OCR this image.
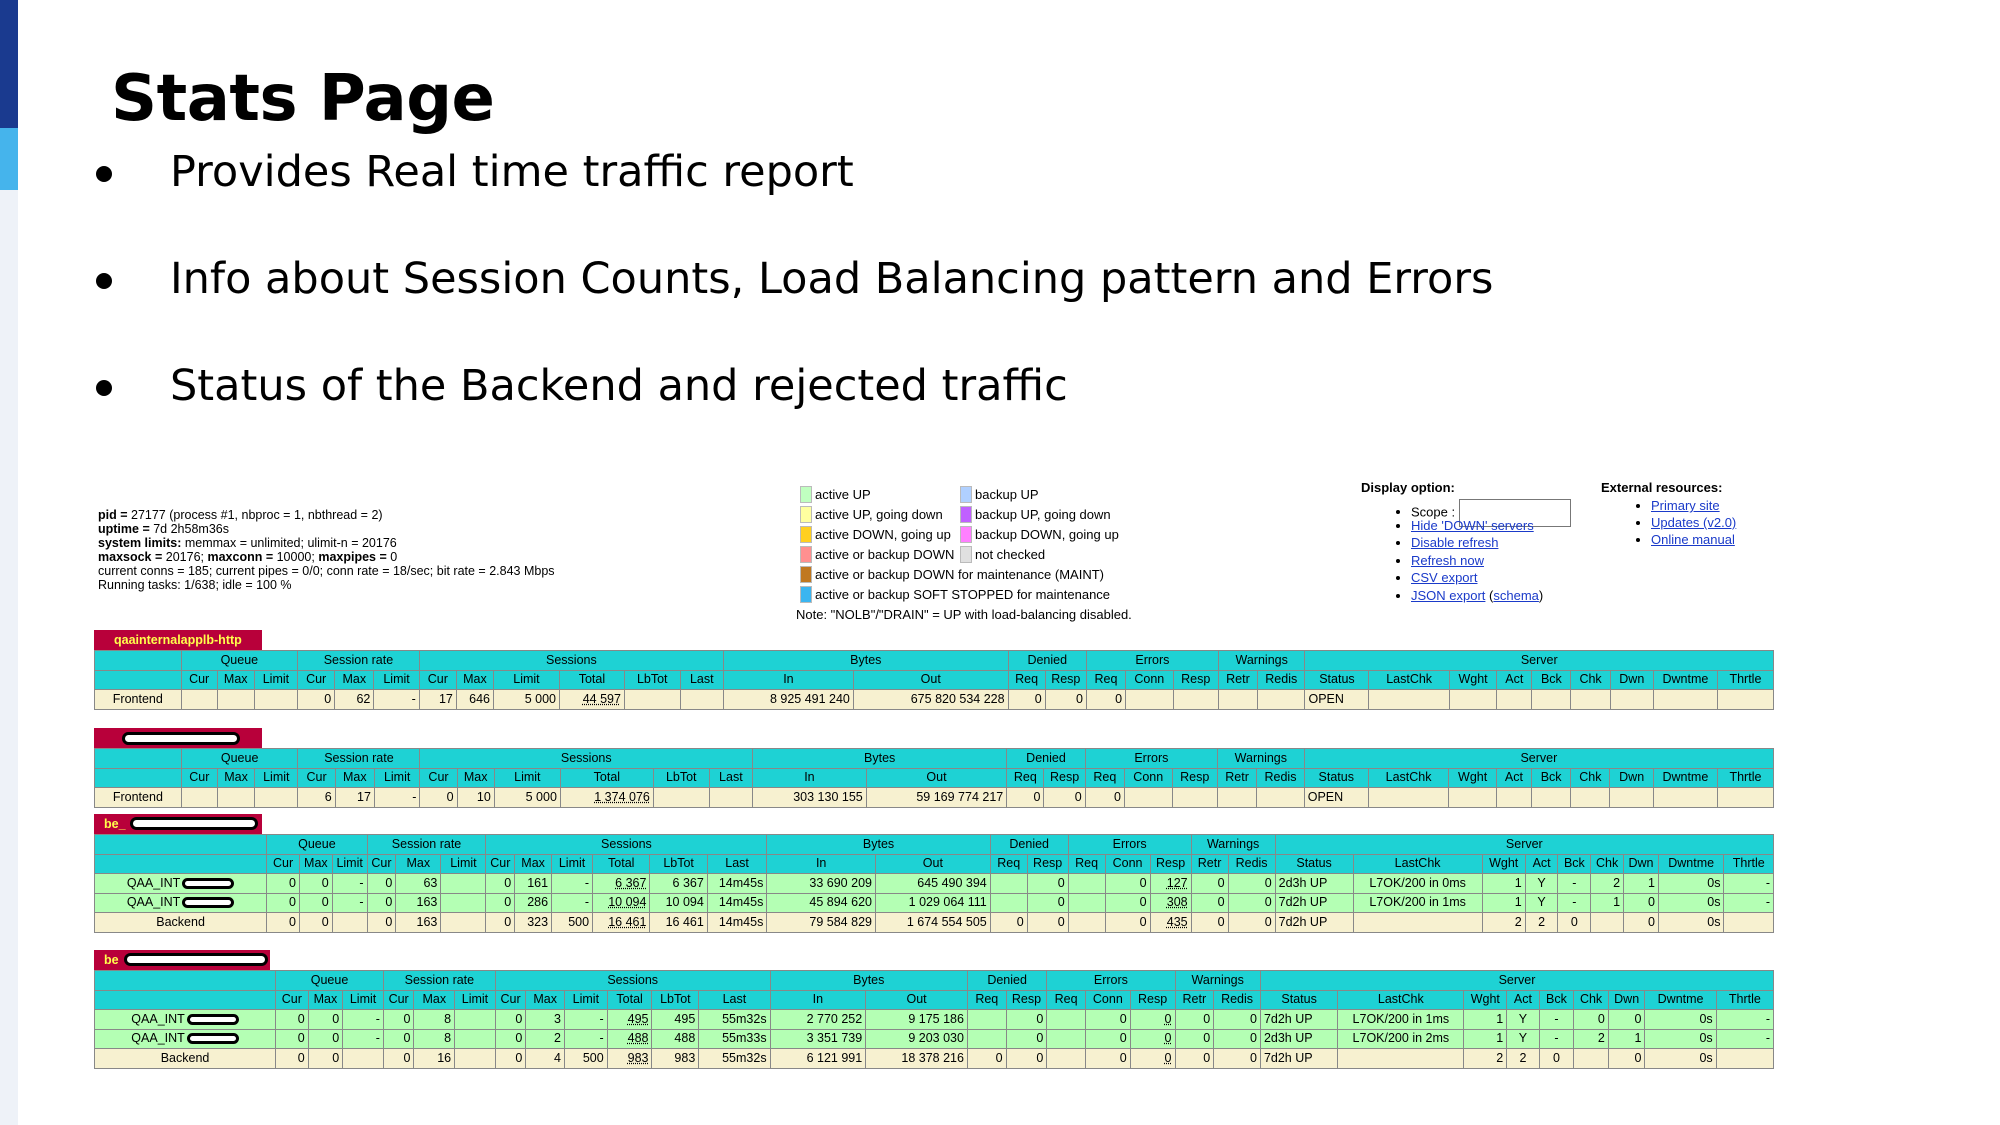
Stats Page
Provides Real time traffic report
Info about Session Counts, Load Balancing pattern and Errors
Status of the Backend and rejected traffic
pid = 27177 (process #1, nbproc = 1, nbthread = 2)
uptime = 7d 2h58m36s
system limits: memmax = unlimited; ulimit-n = 20176
maxsock = 20176; maxconn = 10000; maxpipes = 0
current conns = 185; current pipes = 0/0; conn rate = 18/sec; bit rate = 2.843 Mbps
Running tasks: 1/638; idle = 100 %
active UP	backup UP
active UP, going down	backup UP, going down
active DOWN, going up	backup DOWN, going up
active or backup DOWN	not checked
active or backup DOWN for maintenance (MAINT)
active or backup SOFT STOPPED for maintenance
Note: "NOLB"/"DRAIN" = UP with load-balancing disabled.
Display option:
• Scope :
• Hide 'DOWN' servers
• Disable refresh
• Refresh now
• CSV export
• JSON export (schema)
External resources:
• Primary site
• Updates (v2.0)
• Online manual
qaainternalapplb-http
	Queue			Session rate			Sessions						Bytes		Denied		Errors			Warnings		Server								
	Cur	Max	Limit	Cur	Max	Limit	Cur	Max	Limit	Total	LbTot	Last	In	Out	Req	Resp	Req	Conn	Resp	Retr	Redis	Status	LastChk	Wght	Act	Bck	Chk	Dwn	Dwntme	Thrtle
Frontend				0	62	-	17	646	5 000	44 597			8 925 491 240	675 820 534 228	0	0	0					OPEN								
	Queue			Session rate			Sessions						Bytes		Denied		Errors			Warnings		Server								
	Cur	Max	Limit	Cur	Max	Limit	Cur	Max	Limit	Total	LbTot	Last	In	Out	Req	Resp	Req	Conn	Resp	Retr	Redis	Status	LastChk	Wght	Act	Bck	Chk	Dwn	Dwntme	Thrtle
Frontend				6	17	-	0	10	5 000	1 374 076			303 130 155	59 169 774 217	0	0	0					OPEN								
be_
	Queue			Session rate			Sessions						Bytes		Denied		Errors			Warnings		Server								
	Cur	Max	Limit	Cur	Max	Limit	Cur	Max	Limit	Total	LbTot	Last	In	Out	Req	Resp	Req	Conn	Resp	Retr	Redis	Status	LastChk	Wght	Act	Bck	Chk	Dwn	Dwntme	Thrtle
QAA_INT	0	0	-	0	63		0	161	-	6 367	6 367	14m45s	33 690 209	645 490 394		0		0	127	0	0	2d3h UP	L7OK/200 in 0ms	1	Y	-	2	1	0s	-
QAA_INT	0	0	-	0	163		0	286	-	10 094	10 094	14m45s	45 894 620	1 029 064 111		0		0	308	0	0	7d2h UP	L7OK/200 in 1ms	1	Y	-	1	0	0s	-
Backend	0	0		0	163		0	323	500	16 461	16 461	14m45s	79 584 829	1 674 554 505	0	0		0	435	0	0	7d2h UP		2	2	0		0	0s	
be
	Queue			Session rate			Sessions						Bytes		Denied		Errors			Warnings		Server								
	Cur	Max	Limit	Cur	Max	Limit	Cur	Max	Limit	Total	LbTot	Last	In	Out	Req	Resp	Req	Conn	Resp	Retr	Redis	Status	LastChk	Wght	Act	Bck	Chk	Dwn	Dwntme	Thrtle
QAA_INT	0	0	-	0	8		0	3	-	495	495	55m32s	2 770 252	9 175 186		0		0	0	0	0	7d2h UP	L7OK/200 in 1ms	1	Y	-	0	0	0s	-
QAA_INT	0	0	-	0	8		0	2	-	488	488	55m33s	3 351 739	9 203 030		0		0	0	0	0	2d3h UP	L7OK/200 in 2ms	1	Y	-	2	1	0s	-
Backend	0	0		0	16		0	4	500	983	983	55m32s	6 121 991	18 378 216	0	0		0	0	0	0	7d2h UP		2	2	0		0	0s	
